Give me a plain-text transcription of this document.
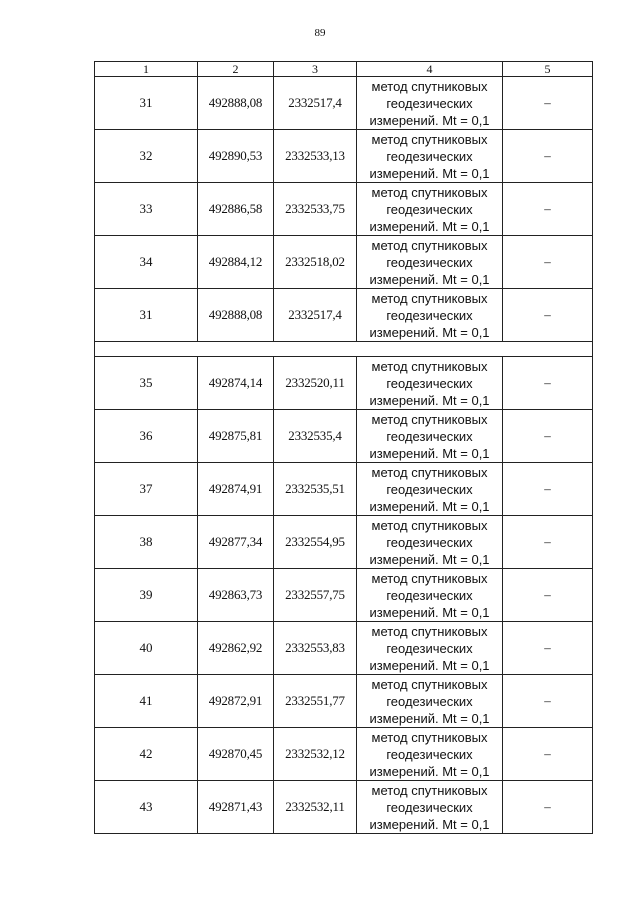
89
1	2	3	4	5
31	492888,08	2332517,4	метод спутниковых
геодезических
измерений. Mt = 0,1	–
32	492890,53	2332533,13	метод спутниковых
геодезических
измерений. Mt = 0,1	–
33	492886,58	2332533,75	метод спутниковых
геодезических
измерений. Mt = 0,1	–
34	492884,12	2332518,02	метод спутниковых
геодезических
измерений. Mt = 0,1	–
31	492888,08	2332517,4	метод спутниковых
геодезических
измерений. Mt = 0,1	–

35	492874,14	2332520,11	метод спутниковых
геодезических
измерений. Mt = 0,1	–
36	492875,81	2332535,4	метод спутниковых
геодезических
измерений. Mt = 0,1	–
37	492874,91	2332535,51	метод спутниковых
геодезических
измерений. Mt = 0,1	–
38	492877,34	2332554,95	метод спутниковых
геодезических
измерений. Mt = 0,1	–
39	492863,73	2332557,75	метод спутниковых
геодезических
измерений. Mt = 0,1	–
40	492862,92	2332553,83	метод спутниковых
геодезических
измерений. Mt = 0,1	–
41	492872,91	2332551,77	метод спутниковых
геодезических
измерений. Mt = 0,1	–
42	492870,45	2332532,12	метод спутниковых
геодезических
измерений. Mt = 0,1	–
43	492871,43	2332532,11	метод спутниковых
геодезических
измерений. Mt = 0,1	–
